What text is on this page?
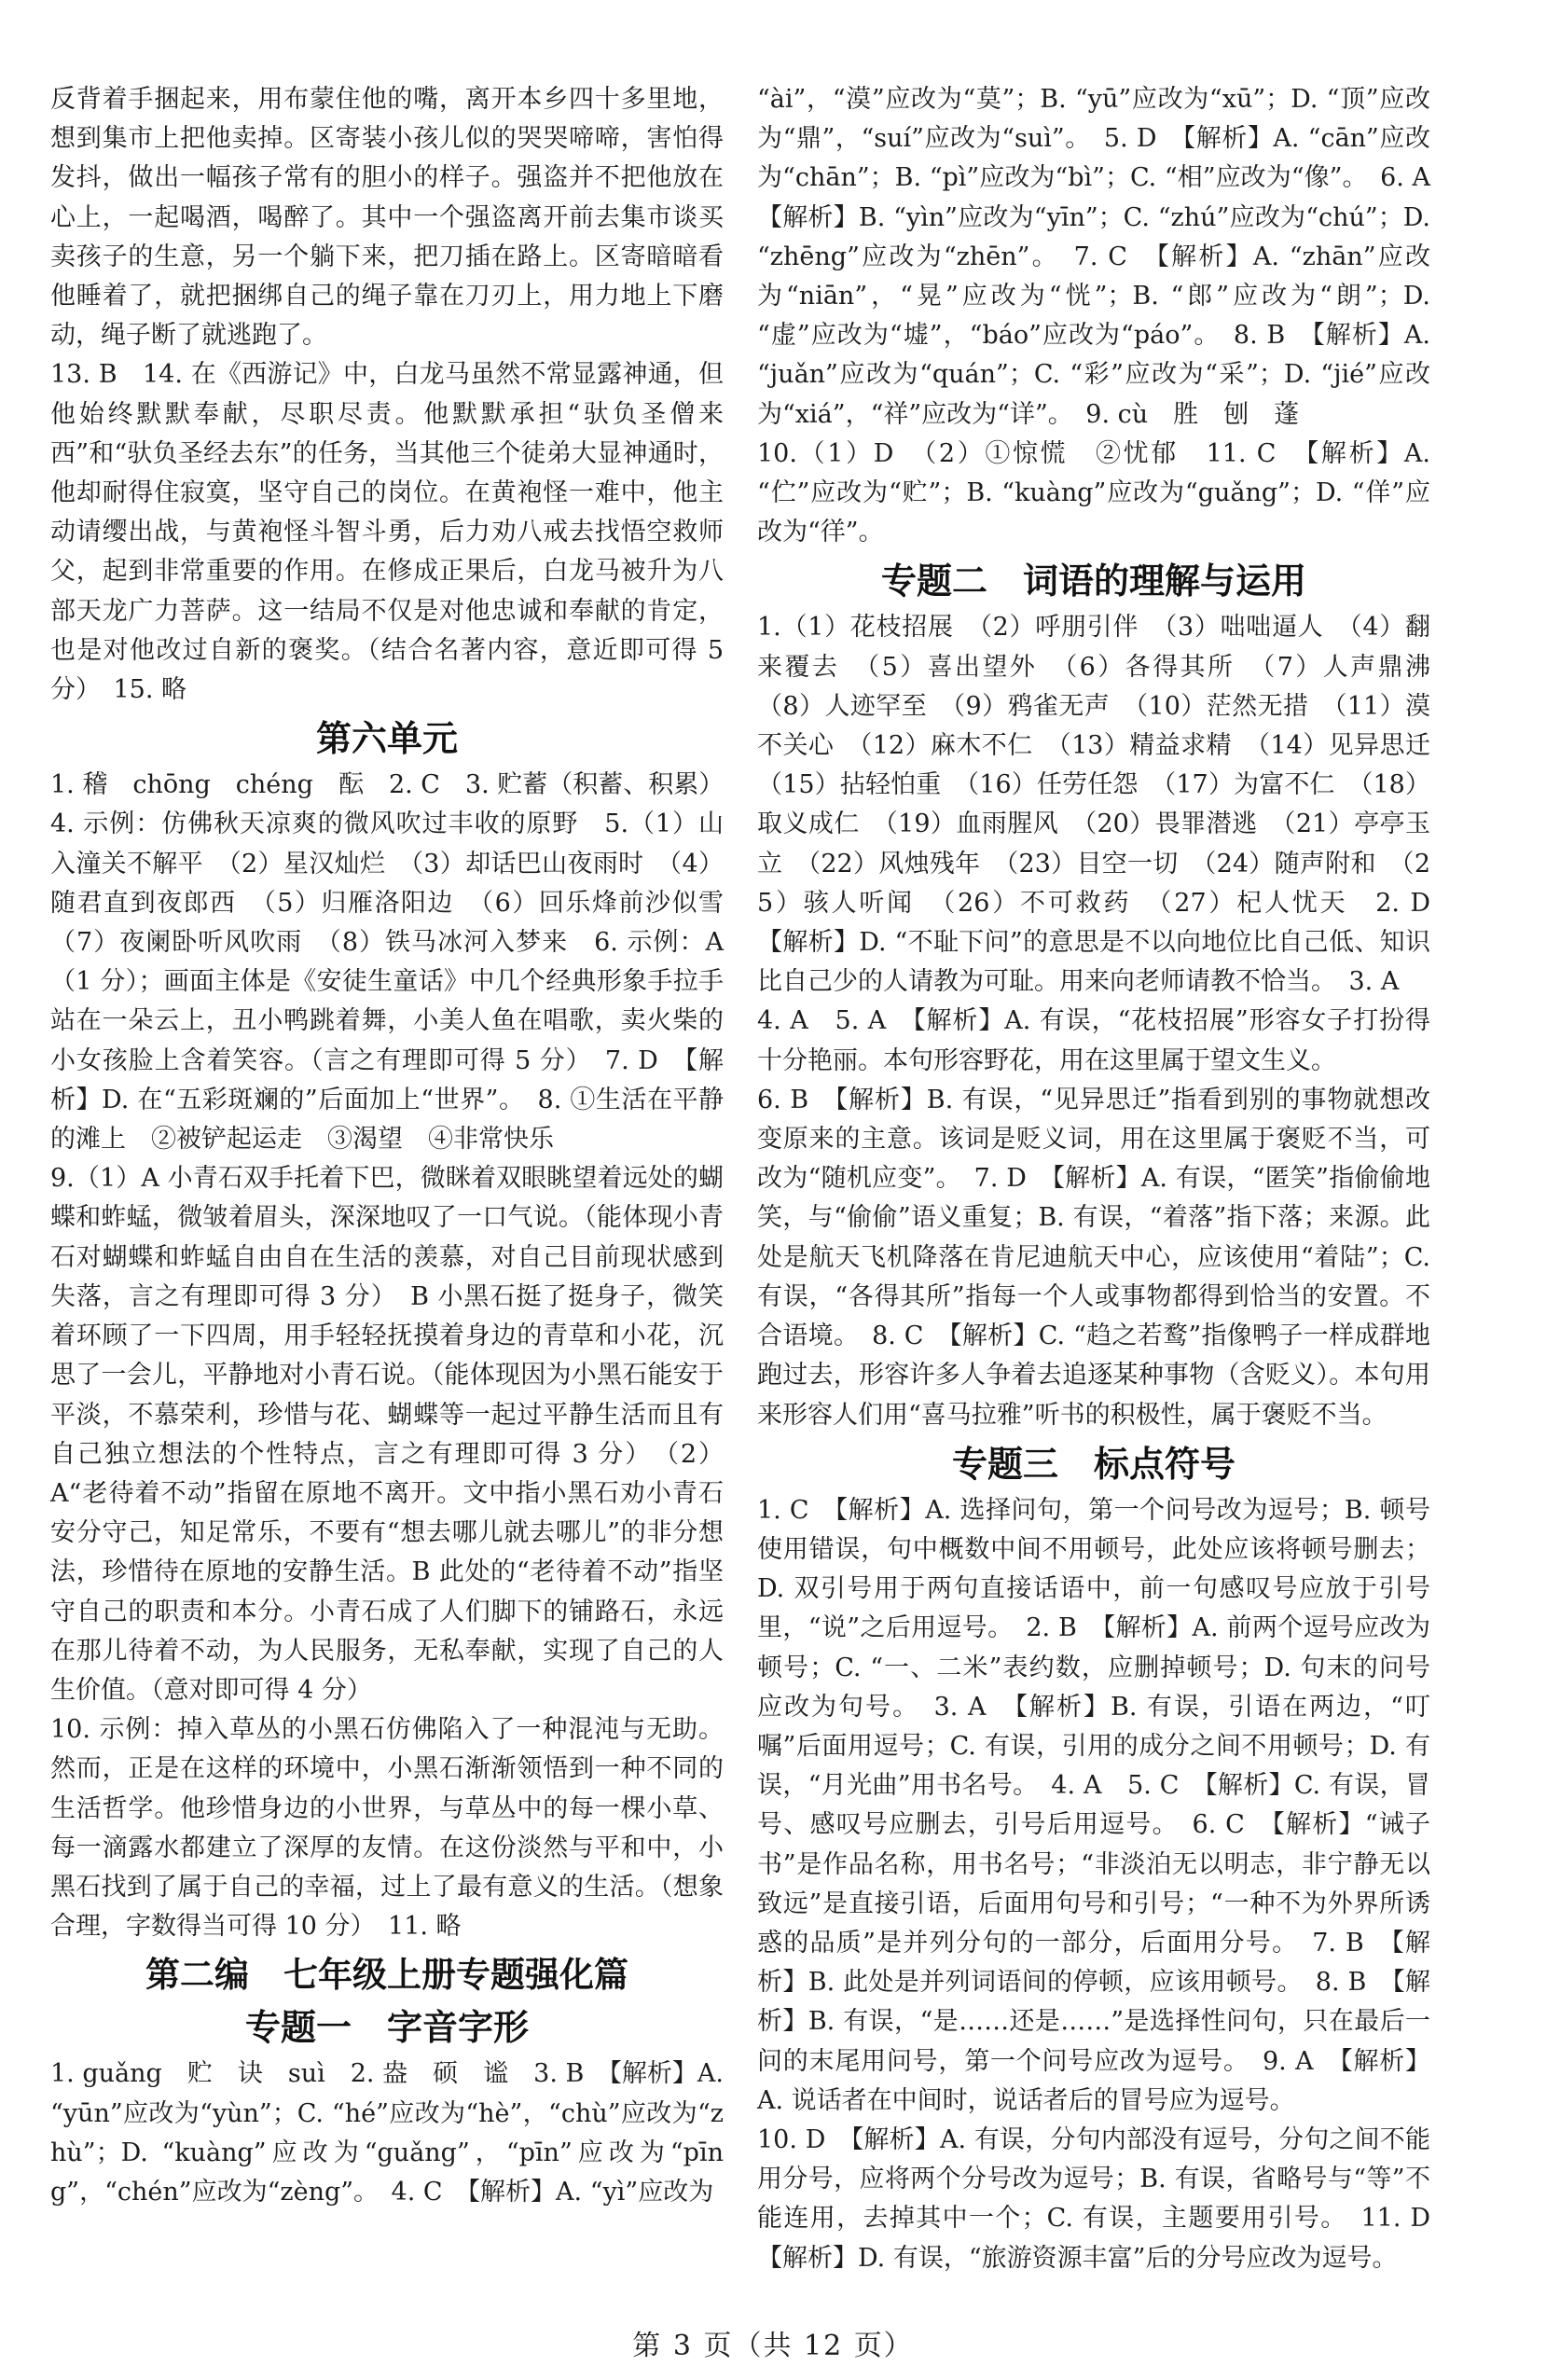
反背着手捆起来，用布蒙住他的嘴，离开本乡四十多里地，想到集市上把他卖掉。区寄装小孩儿似的哭哭啼啼，害怕得发抖，做出一幅孩子常有的胆小的样子。强盗并不把他放在心上，一起喝酒，喝醉了。其中一个强盗离开前去集市谈买卖孩子的生意，另一个躺下来，把刀插在路上。区寄暗暗看他睡着了，就把捆绑自己的绳子靠在刀刃上，用力地上下磨动，绳子断了就逃跑了。

13. B　14. 在《西游记》中，白龙马虽然不常显露神通，但他始终默默奉献，尽职尽责。他默默承担“驮负圣僧来西”和“驮负圣经去东”的任务，当其他三个徒弟大显神通时，他却耐得住寂寞，坚守自己的岗位。在黄袍怪一难中，他主动请缨出战，与黄袍怪斗智斗勇，后力劝八戒去找悟空救师父，起到非常重要的作用。在修成正果后，白龙马被升为八部天龙广力菩萨。这一结局不仅是对他忠诚和奉献的肯定，也是对他改过自新的褒奖。（结合名著内容，意近即可得 5 分）　15. 略

第六单元

1. 稽　chōng　chéng　酝　2. C　3. 贮蓄（积蓄、积累）

4. 示例：仿佛秋天凉爽的微风吹过丰收的原野　5.（1）山入潼关不解平　（2）星汉灿烂　（3）却话巴山夜雨时　（4）随君直到夜郎西　（5）归雁洛阳边　（6）回乐烽前沙似雪　（7）夜阑卧听风吹雨　（8）铁马冰河入梦来　6. 示例：A（1 分）；画面主体是《安徒生童话》中几个经典形象手拉手站在一朵云上，丑小鸭跳着舞，小美人鱼在唱歌，卖火柴的小女孩脸上含着笑容。（言之有理即可得 5 分）　7. D　【解析】D. 在“五彩斑斓的”后面加上“世界”。　8. ①生活在平静的滩上　②被铲起运走　③渴望　④非常快乐

9.（1）A 小青石双手托着下巴，微眯着双眼眺望着远处的蝴蝶和蚱蜢，微皱着眉头，深深地叹了一口气说。（能体现小青石对蝴蝶和蚱蜢自由自在生活的羡慕，对自己目前现状感到失落，言之有理即可得 3 分）　B 小黑石挺了挺身子，微笑着环顾了一下四周，用手轻轻抚摸着身边的青草和小花，沉思了一会儿，平静地对小青石说。（能体现因为小黑石能安于平淡，不慕荣利，珍惜与花、蝴蝶等一起过平静生活而且有自己独立想法的个性特点，言之有理即可得 3 分）　（2）A“老待着不动”指留在原地不离开。文中指小黑石劝小青石安分守己，知足常乐，不要有“想去哪儿就去哪儿”的非分想法，珍惜待在原地的安静生活。B 此处的“老待着不动”指坚守自己的职责和本分。小青石成了人们脚下的铺路石，永远在那儿待着不动，为人民服务，无私奉献，实现了自己的人生价值。（意对即可得 4 分）

10. 示例：掉入草丛的小黑石仿佛陷入了一种混沌与无助。然而，正是在这样的环境中，小黑石渐渐领悟到一种不同的生活哲学。他珍惜身边的小世界，与草丛中的每一棵小草、每一滴露水都建立了深厚的友情。在这份淡然与平和中，小黑石找到了属于自己的幸福，过上了最有意义的生活。（想象合理，字数得当可得 10 分）　11. 略

第二编　七年级上册专题强化篇
专题一　字音字形

1. guǎng　贮　诀　suì　2. 盎　硕　谧　3. B　【解析】A. “yūn”应改为“yùn”；C. “hé”应改为“hè”，“chù”应改为“zhù”；D. “kuàng”应改为“guǎng”，“pīn”应改为“pīng”，“chén”应改为“zèng”。　4. C　【解析】A. “yì”应改为

“ài”，“漠”应改为“莫”；B. “yū”应改为“xū”；D. “顶”应改为“鼎”，“suí”应改为“suì”。　5. D　【解析】A. “cān”应改为“chān”；B. “pì”应改为“bì”；C. “相”应改为“像”。　6. A　【解析】B. “yìn”应改为“yīn”；C. “zhú”应改为“chú”；D. “zhēng”应改为“zhēn”。　7. C　【解析】A. “zhān”应改为“niān”，“晃”应改为“恍”；B. “郎”应改为“朗”；D. “虚”应改为“墟”，“báo”应改为“páo”。　8. B　【解析】A. “juǎn”应改为“quán”；C. “彩”应改为“采”；D. “jié”应改为“xiá”，“祥”应改为“详”。　9. cù　胜　刨　蓬

10.（1）D　（2）①惊慌　②忧郁　11. C　【解析】A. “伫”应改为“贮”；B. “kuàng”应改为“guǎng”；D. “佯”应改为“徉”。

专题二　词语的理解与运用

1.（1）花枝招展　（2）呼朋引伴　（3）咄咄逼人　（4）翻来覆去　（5）喜出望外　（6）各得其所　（7）人声鼎沸　（8）人迹罕至　（9）鸦雀无声　（10）茫然无措　（11）漠不关心　（12）麻木不仁　（13）精益求精　（14）见异思迁　（15）拈轻怕重　（16）任劳任怨　（17）为富不仁　（18）取义成仁　（19）血雨腥风　（20）畏罪潜逃　（21）亭亭玉立　（22）风烛残年　（23）目空一切　（24）随声附和　（25）骇人听闻　（26）不可救药　（27）杞人忧天　2. D　【解析】D. “不耻下问”的意思是不以向地位比自己低、知识比自己少的人请教为可耻。用来向老师请教不恰当。　3. A

4. A　5. A　【解析】A. 有误，“花枝招展”形容女子打扮得十分艳丽。本句形容野花，用在这里属于望文生义。

6. B　【解析】B. 有误，“见异思迁”指看到别的事物就想改变原来的主意。该词是贬义词，用在这里属于褒贬不当，可改为“随机应变”。　7. D　【解析】A. 有误，“匿笑”指偷偷地笑，与“偷偷”语义重复；B. 有误，“着落”指下落；来源。此处是航天飞机降落在肯尼迪航天中心，应该使用“着陆”；C. 有误，“各得其所”指每一个人或事物都得到恰当的安置。不合语境。　8. C　【解析】C. “趋之若鹜”指像鸭子一样成群地跑过去，形容许多人争着去追逐某种事物（含贬义）。本句用来形容人们用“喜马拉雅”听书的积极性，属于褒贬不当。

专题三　标点符号

1. C　【解析】A. 选择问句，第一个问号改为逗号；B. 顿号使用错误，句中概数中间不用顿号，此处应该将顿号删去；D. 双引号用于两句直接话语中，前一句感叹号应放于引号里，“说”之后用逗号。　2. B　【解析】A. 前两个逗号应改为顿号；C. “一、二米”表约数，应删掉顿号；D. 句末的问号应改为句号。　3. A　【解析】B. 有误，引语在两边，“叮嘱”后面用逗号；C. 有误，引用的成分之间不用顿号；D. 有误，“月光曲”用书名号。　4. A　5. C　【解析】C. 有误，冒号、感叹号应删去，引号后用逗号。　6. C　【解析】“诫子书”是作品名称，用书名号；“非淡泊无以明志，非宁静无以致远”是直接引语，后面用句号和引号；“一种不为外界所诱惑的品质”是并列分句的一部分，后面用分号。　7. B　【解析】B. 此处是并列词语间的停顿，应该用顿号。　8. B　【解析】B. 有误，“是……还是……”是选择性问句，只在最后一问的末尾用问号，第一个问号应改为逗号。　9. A　【解析】A. 说话者在中间时，说话者后的冒号应为逗号。

10. D　【解析】A. 有误，分句内部没有逗号，分句之间不能用分号，应将两个分号改为逗号；B. 有误，省略号与“等”不能连用，去掉其中一个；C. 有误，主题要用引号。　11. D　【解析】D. 有误，“旅游资源丰富”后的分号应改为逗号。

第 3 页（共 12 页）
